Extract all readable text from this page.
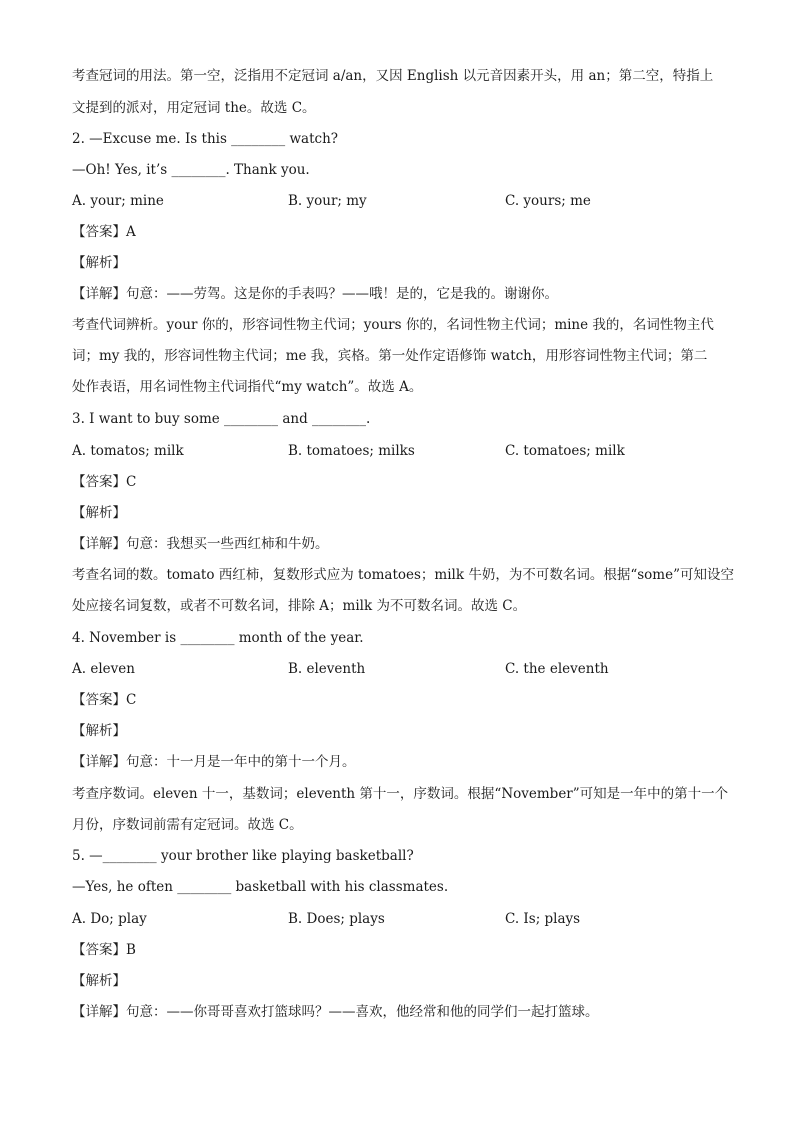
考查冠词的用法。第一空，泛指用不定冠词 a/an，又因 English 以元音因素开头，用 an；第二空，特指上
文提到的派对，用定冠词 the。故选 C。
2. —Excuse me. Is this ________ watch?
—Oh! Yes, it’s ________. Thank you.
A. your; mine	B. your; my	C. yours; me
【答案】A
【解析】
【详解】句意：——劳驾。这是你的手表吗？——哦！是的，它是我的。谢谢你。
考查代词辨析。your 你的，形容词性物主代词；yours 你的，名词性物主代词；mine 我的，名词性物主代
词；my 我的，形容词性物主代词；me 我，宾格。第一处作定语修饰 watch，用形容词性物主代词；第二
处作表语，用名词性物主代词指代“my watch”。故选 A。
3. I want to buy some ________ and ________.
A. tomatos; milk	B. tomatoes; milks	C. tomatoes; milk
【答案】C
【解析】
【详解】句意：我想买一些西红柿和牛奶。
考查名词的数。tomato 西红柿，复数形式应为 tomatoes；milk 牛奶，为不可数名词。根据“some”可知设空
处应接名词复数，或者不可数名词，排除 A；milk 为不可数名词。故选 C。
4. November is ________ month of the year.
A. eleven	B. eleventh	C. the eleventh
【答案】C
【解析】
【详解】句意：十一月是一年中的第十一个月。
考查序数词。eleven 十一，基数词；eleventh 第十一，序数词。根据“November”可知是一年中的第十一个
月份，序数词前需有定冠词。故选 C。
5. —________ your brother like playing basketball?
—Yes, he often ________ basketball with his classmates.
A. Do; play	B. Does; plays	C. Is; plays
【答案】B
【解析】
【详解】句意：——你哥哥喜欢打篮球吗？——喜欢，他经常和他的同学们一起打篮球。
